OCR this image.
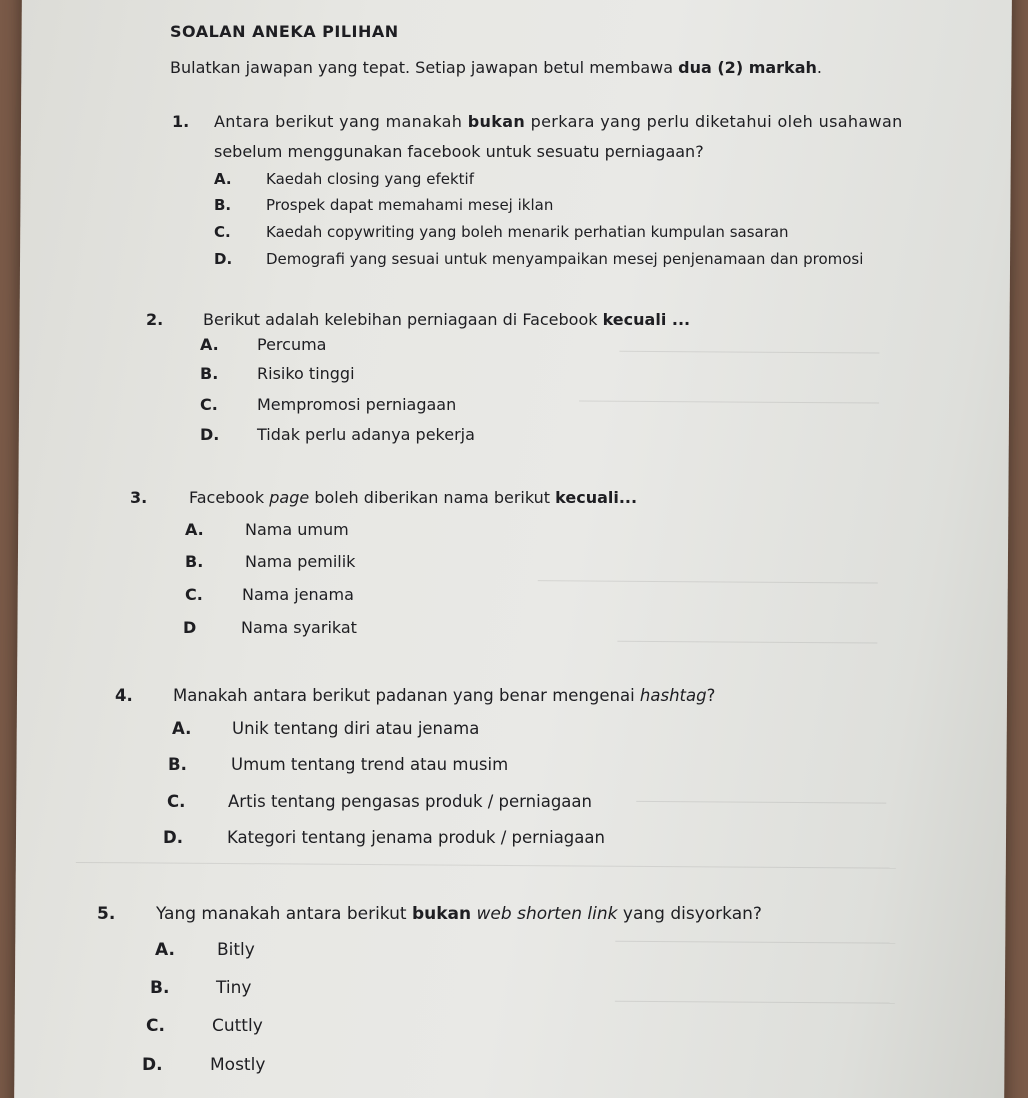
SOALAN ANEKA PILIHAN
Bulatkan jawapan yang tepat. Setiap jawapan betul membawa dua (2) markah.
1. Antara berikut yang manakah bukan perkara yang perlu diketahui oleh usahawan
sebelum menggunakan facebook untuk sesuatu perniagaan?
A. Kaedah closing yang efektif
B. Prospek dapat memahami mesej iklan
C. Kaedah copywriting yang boleh menarik perhatian kumpulan sasaran
D. Demografi yang sesuai untuk menyampaikan mesej penjenamaan dan promosi
2. Berikut adalah kelebihan perniagaan di Facebook kecuali ...
A. Percuma
B. Risiko tinggi
C. Mempromosi perniagaan
D. Tidak perlu adanya pekerja
3.	Facebook page boleh diberikan nama berikut kecuali...
A.	Nama umum
B.	Nama pemilik
C. Nama jenama
D	Nama syarikat
4. Manakah antara berikut padanan yang benar mengenai hashtag?
A. Unik tentang diri atau jenama
B.	Umum tentang trend atau musim
C.	Artis tentang pengasas produk / perniagaan
D.	Kategori tentang jenama produk / perniagaan
5. Yang manakah antara berikut bukan web shorten link yang disyorkan?
A. Bitly
B.	Tiny
C.	Cuttly
D.	Mostly
